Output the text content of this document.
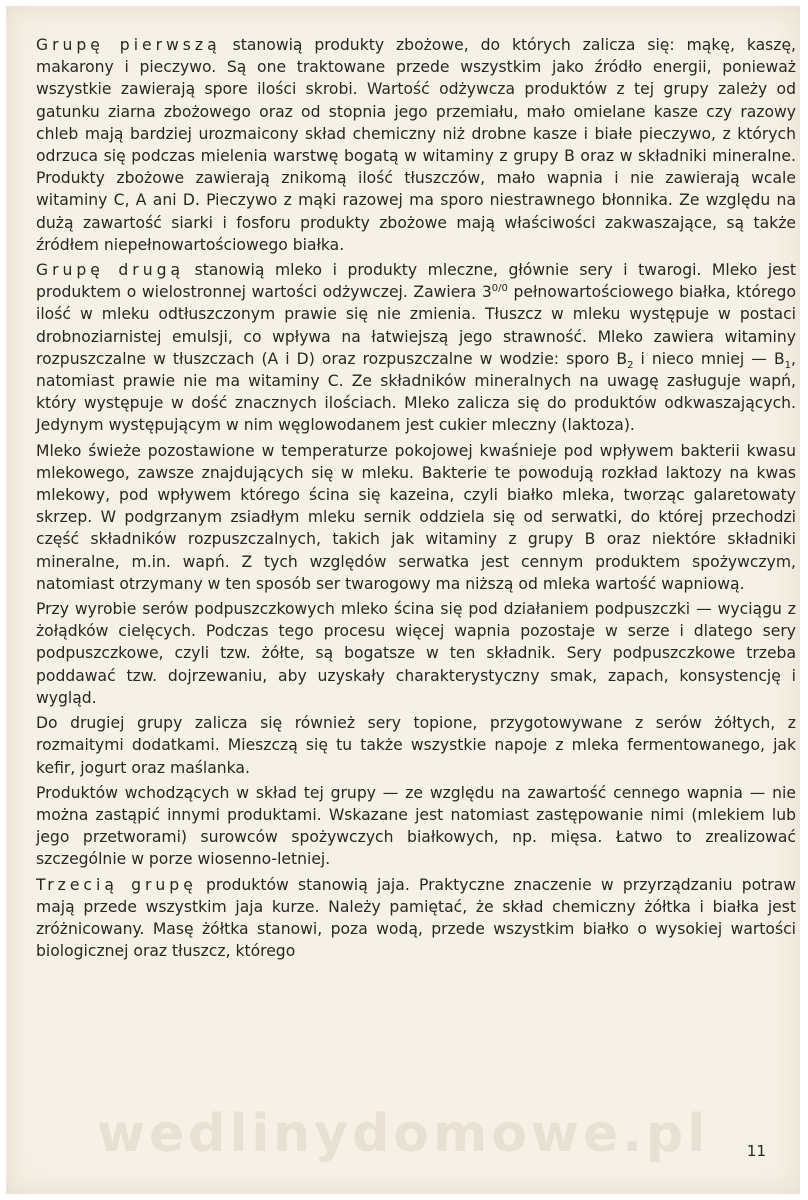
Grupę pierwszą stanowią produkty zbożowe, do których zalicza się: mąkę, kaszę, makarony i pieczywo. Są one traktowane przede wszystkim jako źródło energii, ponieważ wszystkie zawierają spore ilości skrobi. Wartość odżywcza produktów z tej grupy zależy od gatunku ziarna zbożowego oraz od stopnia jego przemiału, mało omielane kasze czy razowy chleb mają bardziej urozmaicony skład chemiczny niż drobne kasze i białe pieczywo, z których odrzuca się podczas mielenia warstwę bogatą w witaminy z grupy B oraz w składniki mineralne. Produkty zbożowe zawierają znikomą ilość tłuszczów, mało wapnia i nie zawierają wcale witaminy C, A ani D. Pieczywo z mąki razowej ma sporo niestrawnego błonnika. Ze względu na dużą zawartość siarki i fosforu produkty zbożowe mają właściwości zakwaszające, są także źródłem niepełnowartościowego białka.

Grupę drugą stanowią mleko i produkty mleczne, głównie sery i twarogi. Mleko jest produktem o wielostronnej wartości odżywczej. Zawiera $3^{0/0}$ pełnowartościowego białka, którego ilość w mleku odtłuszczonym prawie się nie zmienia. Tłuszcz w mleku występuje w postaci drobnoziarnistej emulsji, co wpływa na łatwiejszą jego strawność. Mleko zawiera witaminy rozpuszczalne w tłuszczach (A i D) oraz rozpuszczalne w wodzie: sporo $B_2$ i nieco mniej — $B_1$, natomiast prawie nie ma witaminy C. Ze składników mineralnych na uwagę zasługuje wapń, który występuje w dość znacznych ilościach. Mleko zalicza się do produktów odkwaszających. Jedynym występującym w nim węglowodanem jest cukier mleczny (laktoza).

Mleko świeże pozostawione w temperaturze pokojowej kwaśnieje pod wpływem bakterii kwasu mlekowego, zawsze znajdujących się w mleku. Bakterie te powodują rozkład laktozy na kwas mlekowy, pod wpływem którego ścina się kazeina, czyli białko mleka, tworząc galaretowaty skrzep. W podgrzanym zsiadłym mleku sernik oddziela się od serwatki, do której przechodzi część składników rozpuszczalnych, takich jak witaminy z grupy B oraz niektóre składniki mineralne, m.in. wapń. Z tych względów serwatka jest cennym produktem spożywczym, natomiast otrzymany w ten sposób ser twarogowy ma niższą od mleka wartość wapniową.

Przy wyrobie serów podpuszczkowych mleko ścina się pod działaniem podpuszczki — wyciągu z żołądków cielęcych. Podczas tego procesu więcej wapnia pozostaje w serze i dlatego sery podpuszczkowe, czyli tzw. żółte, są bogatsze w ten składnik. Sery podpuszczkowe trzeba poddawać tzw. dojrzewaniu, aby uzyskały charakterystyczny smak, zapach, konsystencję i wygląd.

Do drugiej grupy zalicza się również sery topione, przygotowywane z serów żółtych, z rozmaitymi dodatkami. Mieszczą się tu także wszystkie napoje z mleka fermentowanego, jak kefir, jogurt oraz maślanka.

Produktów wchodzących w skład tej grupy — ze względu na zawartość cennego wapnia — nie można zastąpić innymi produktami. Wskazane jest natomiast zastępowanie nimi (mlekiem lub jego przetworami) surowców spożywczych białkowych, np. mięsa. Łatwo to zrealizować szczególnie w porze wiosenno-letniej.

Trzecią grupę produktów stanowią jaja. Praktyczne znaczenie w przyrządzaniu potraw mają przede wszystkim jaja kurze. Należy pamiętać, że skład chemiczny żółtka i białka jest zróżnicowany. Masę żółtka stanowi, poza wodą, przede wszystkim białko o wysokiej wartości biologicznej oraz tłuszcz, którego

wedlinydomowe.pl	11
